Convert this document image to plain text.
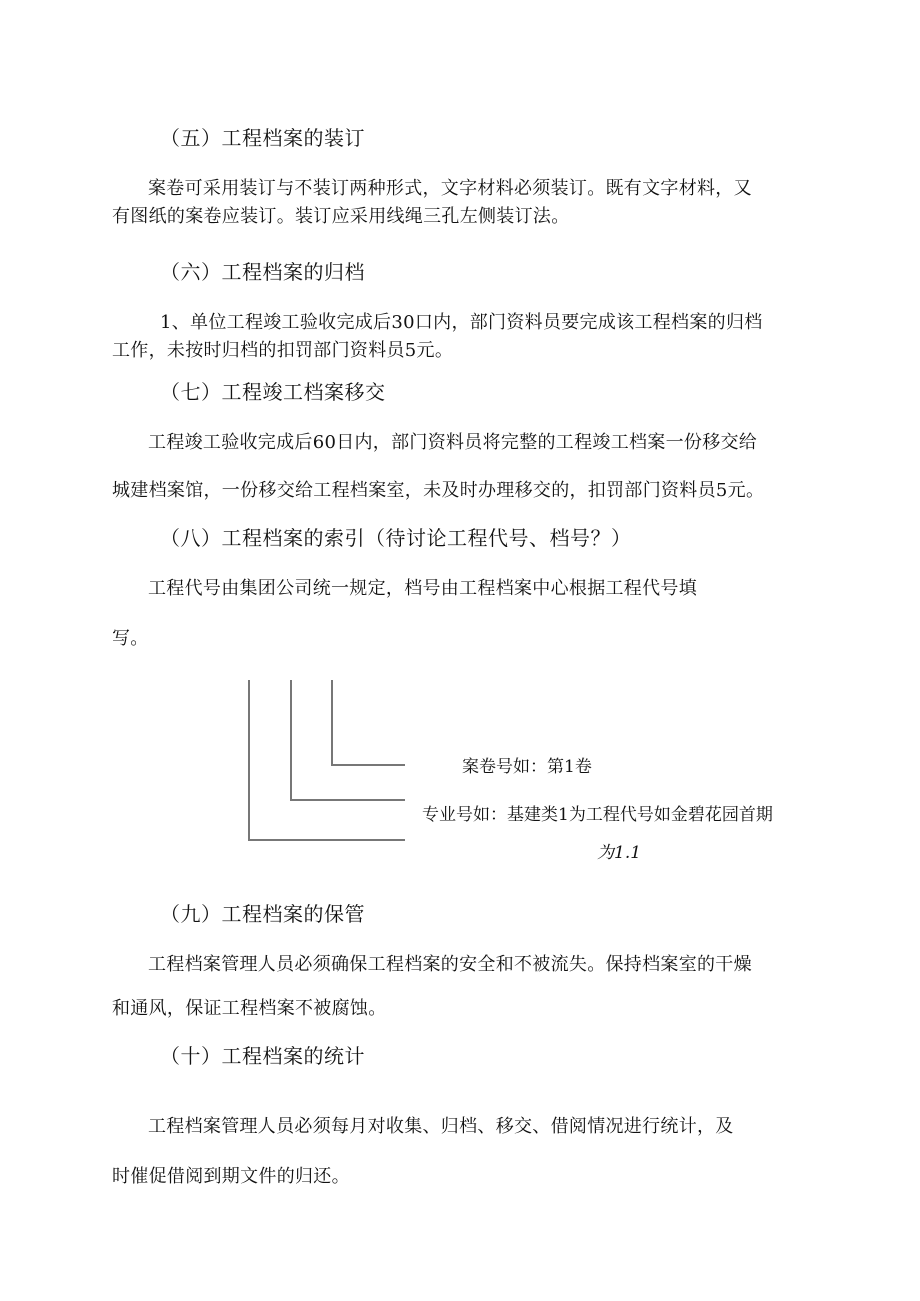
（五）工程档案的装订
案卷可采用装订与不装订两种形式，文字材料必须装订。既有文字材料，又
有图纸的案卷应装订。装订应采用线绳三孔左侧装订法。
（六）工程档案的归档
1、单位工程竣工验收完成后30口内，部门资料员要完成该工程档案的归档
工作，未按时归档的扣罚部门资料员5元。
（七）工程竣工档案移交
工程竣工验收完成后60日内，部门资料员将完整的工程竣工档案一份移交给
城建档案馆，一份移交给工程档案室，未及时办理移交的，扣罚部门资料员5元。
（八）工程档案的索引（待讨论工程代号、档号？）
工程代号由集团公司统一规定，档号由工程档案中心根据工程代号填
写。
案卷号如：第1卷
专业号如：基建类1为工程代号如金碧花园首期
为1.1
（九）工程档案的保管
工程档案管理人员必须确保工程档案的安全和不被流失。保持档案室的干燥
和通风，保证工程档案不被腐蚀。
（十）工程档案的统计
工程档案管理人员必须每月对收集、归档、移交、借阅情况进行统计，及
时催促借阅到期文件的归还。
